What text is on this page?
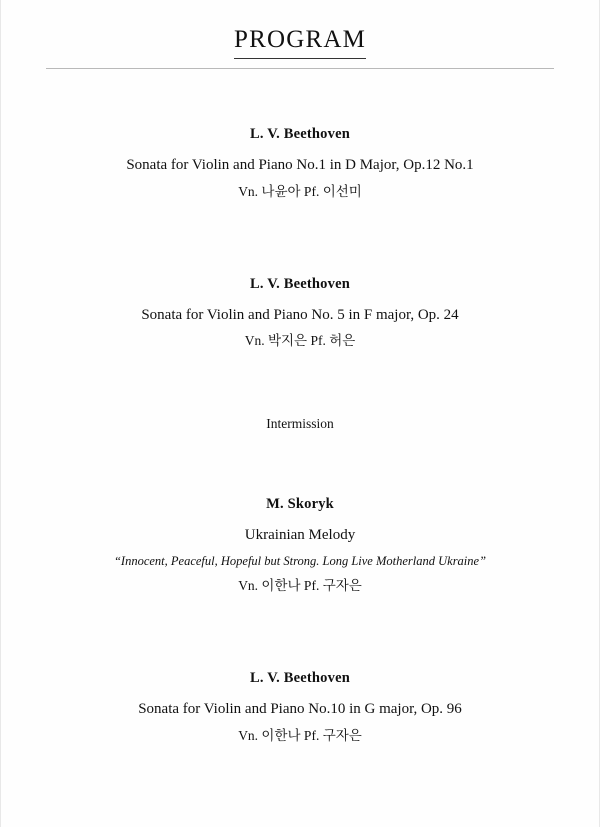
PROGRAM
L. V. Beethoven
Sonata for Violin and Piano No.1 in D Major, Op.12 No.1
Vn. 나윤아 Pf. 이선미
L. V. Beethoven
Sonata for Violin and Piano No. 5 in F major, Op. 24
Vn. 박지은 Pf. 허은
Intermission
M. Skoryk
Ukrainian Melody
“Innocent, Peaceful, Hopeful but Strong. Long Live Motherland Ukraine”
Vn. 이한나 Pf. 구자은
L. V. Beethoven
Sonata for Violin and Piano No.10 in G major, Op. 96
Vn. 이한나 Pf. 구자은
